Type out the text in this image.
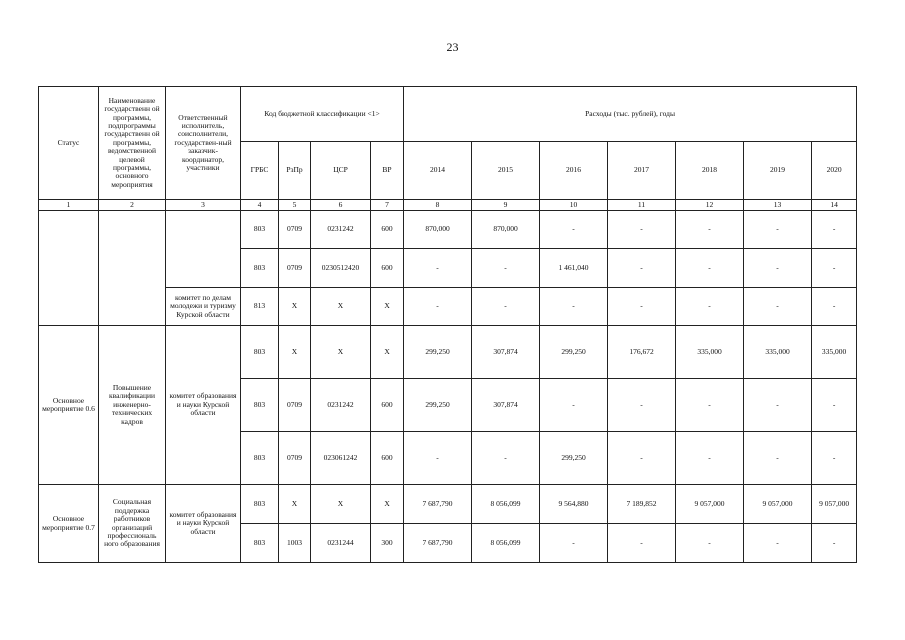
23
Статус	Наименование государственн ой программы, подпрограммы государственн ой программы, ведомственной целевой программы, основного мероприятия	Ответственный исполнитель, соисполнители, государствен-ный заказчик-координатор, участники	Код бюджетной классификации <1>				Расходы (тыс. рублей), годы						
			ГРБС	РзПр	ЦСР	ВР	2014	2015	2016	2017	2018	2019	2020
1	2	3	4	5	6	7	8	9	10	11	12	13	14
			803	0709	0231242	600	870,000	870,000	-	-	-	-	-
			803	0709	0230512420	600	-	-	1 461,040	-	-	-	-
		комитет по делам молодежи и туризму Курской области	813	X	X	X	-	-	-	-	-	-	-
Основное мероприятие 0.6	Повышение квалификации инженерно-технических кадров	комитет образования и науки Курской области	803	X	X	X	299,250	307,874	299,250	176,672	335,000	335,000	335,000
			803	0709	0231242	600	299,250	307,874	-	-	-	-	-
			803	0709	023061242	600	-	-	299,250	-	-	-	-
Основное мероприятие 0.7	Социальная поддержка работников организаций профессиональ ного образования	комитет образования и науки Курской области	803	X	X	X	7 687,790	8 056,099	9 564,880	7 189,852	9 057,000	9 057,000	9 057,000
			803	1003	0231244	300	7 687,790	8 056,099	-	-	-	-	-
